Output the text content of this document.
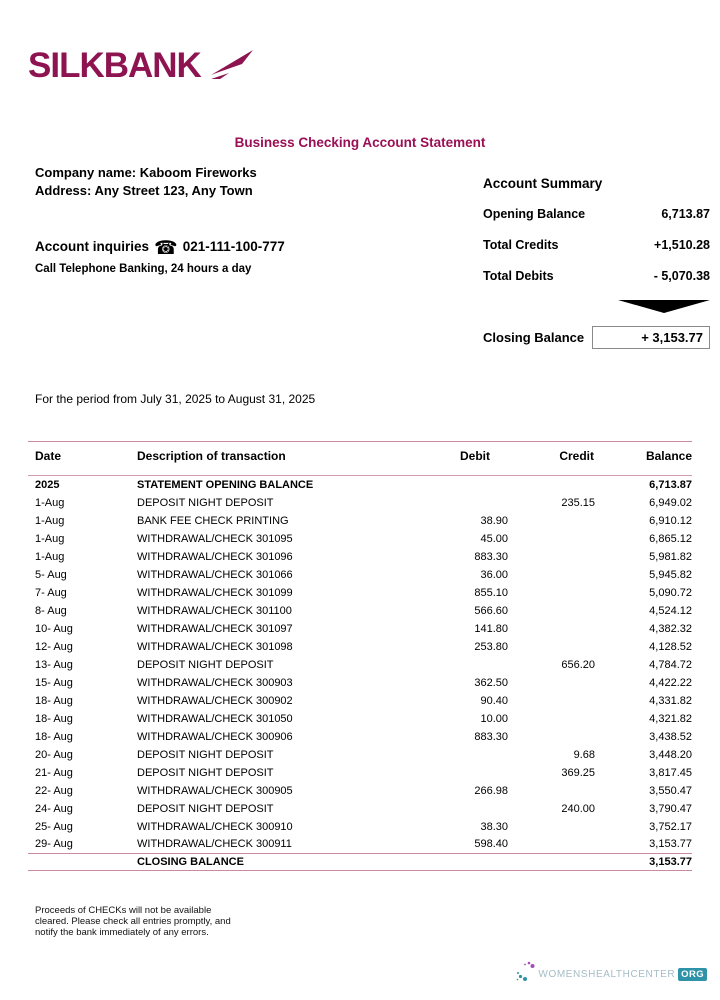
SILKBANK
Business Checking Account Statement
Company name: Kaboom Fireworks
Address: Any Street 123, Any Town
Account inquiries ☎ 021-111-100-777
Call Telephone Banking, 24 hours a day
Account Summary
Opening Balance	6,713.87
Total Credits	+1,510.28
Total Debits	- 5,070.38
Closing Balance	+ 3,153.77
For the period from July 31, 2025 to August 31, 2025
Date	Description of transaction	Debit	Credit	Balance
2025	STATEMENT OPENING BALANCE			6,713.87
1-Aug	DEPOSIT NIGHT DEPOSIT		235.15	6,949.02
1-Aug	BANK FEE CHECK PRINTING	38.90		6,910.12
1-Aug	WITHDRAWAL/CHECK 301095	45.00		6,865.12
1-Aug	WITHDRAWAL/CHECK 301096	883.30		5,981.82
5- Aug	WITHDRAWAL/CHECK 301066	36.00		5,945.82
7- Aug	WITHDRAWAL/CHECK 301099	855.10		5,090.72
8- Aug	WITHDRAWAL/CHECK 301100	566.60		4,524.12
10- Aug	WITHDRAWAL/CHECK 301097	141.80		4,382.32
12- Aug	WITHDRAWAL/CHECK 301098	253.80		4,128.52
13- Aug	DEPOSIT NIGHT DEPOSIT		656.20	4,784.72
15- Aug	WITHDRAWAL/CHECK 300903	362.50		4,422.22
18- Aug	WITHDRAWAL/CHECK 300902	90.40		4,331.82
18- Aug	WITHDRAWAL/CHECK 301050	10.00		4,321.82
18- Aug	WITHDRAWAL/CHECK 300906	883.30		3,438.52
20- Aug	DEPOSIT NIGHT DEPOSIT		9.68	3,448.20
21- Aug	DEPOSIT NIGHT DEPOSIT		369.25	3,817.45
22- Aug	WITHDRAWAL/CHECK 300905	266.98		3,550.47
24- Aug	DEPOSIT NIGHT DEPOSIT		240.00	3,790.47
25- Aug	WITHDRAWAL/CHECK 300910	38.30		3,752.17
29- Aug	WITHDRAWAL/CHECK 300911	598.40		3,153.77
	CLOSING BALANCE			3,153.77
Proceeds of CHECKs will not be available
cleared. Please check all entries promptly, and
notify the bank immediately of any errors.
WOMENSHEALTHCENTER ORG
